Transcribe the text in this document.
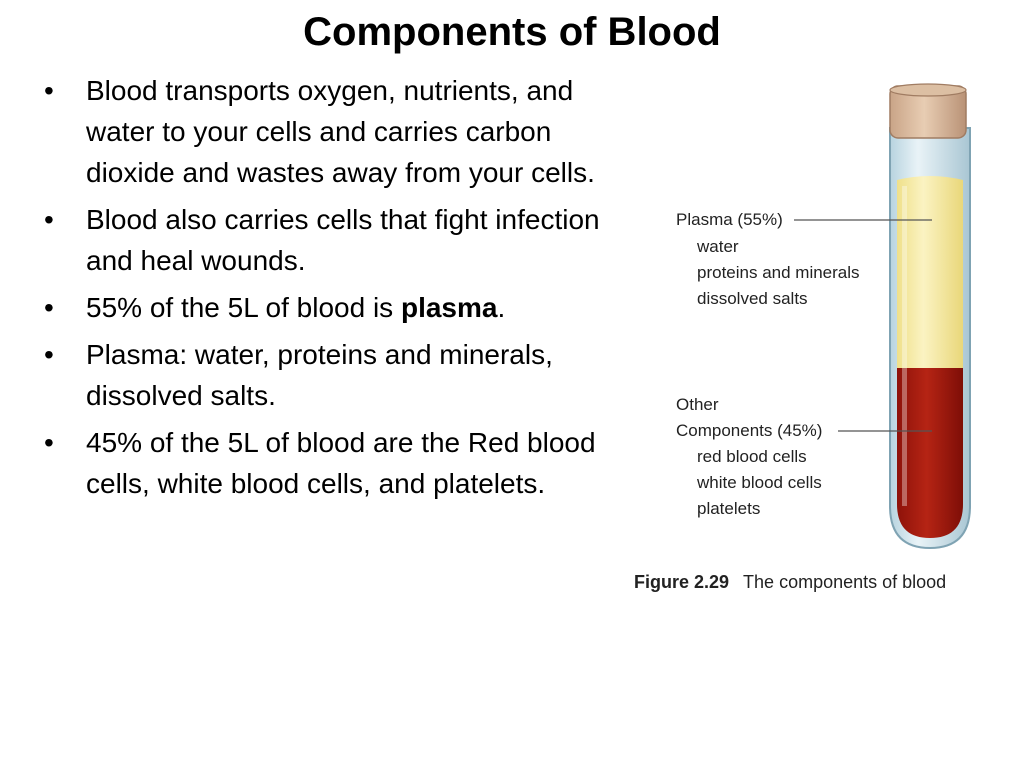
Components of Blood
• Blood transports oxygen, nutrients, and water to your cells and carries carbon dioxide and wastes away from your cells.
• Blood also carries cells that fight infection and heal wounds.
• 55% of the 5L of blood is plasma.
• Plasma: water, proteins and minerals, dissolved salts.
• 45% of the 5L of blood are the Red blood cells, white blood cells, and platelets.
Plasma (55%)
water
proteins and minerals
dissolved salts
Other
Components (45%)
red blood cells
white blood cells
platelets
Figure 2.29 The components of blood
